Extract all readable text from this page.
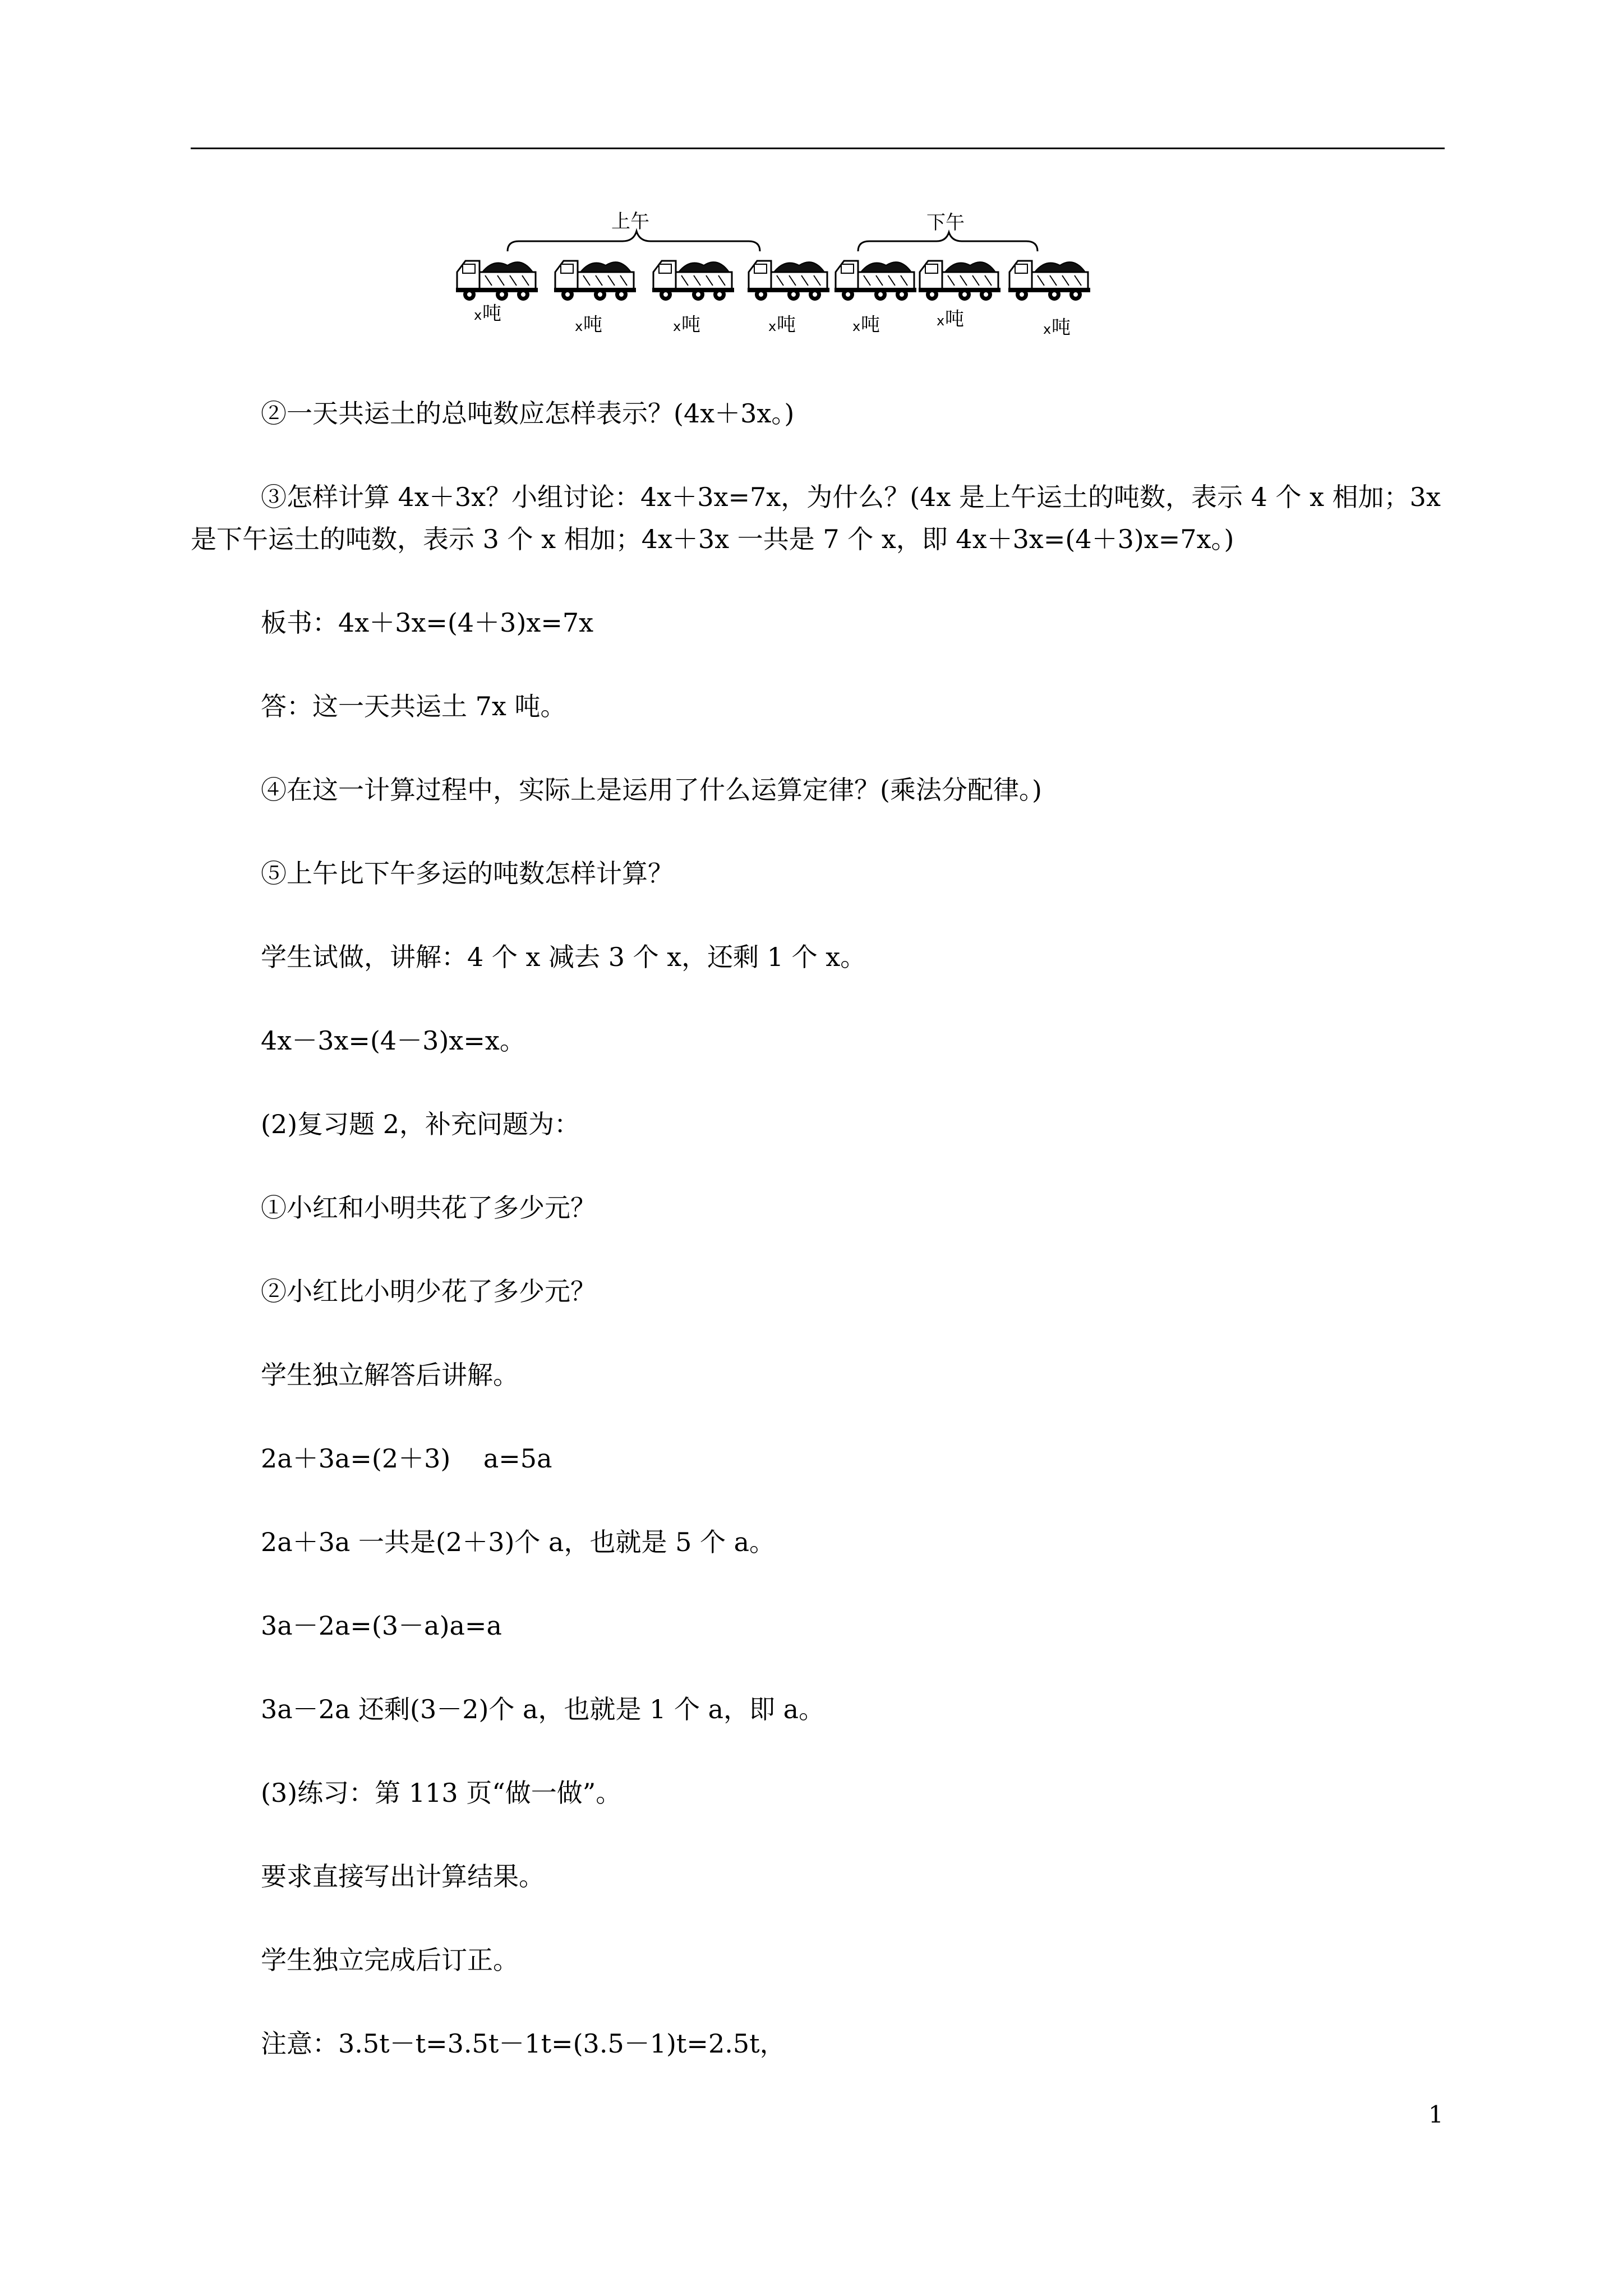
上午	下午
x 吨
x 吨	x 吨	x 吨	x 吨	x 吨	x 吨

②一天共运土的总吨数应怎样表示？(4x＋3x。)

③怎样计算 4x＋3x？小组讨论：4x＋3x=7x，为什么？(4x 是上午运土的吨数，表示 4 个 x 相加；3x 是下午运土的吨数，表示 3 个 x 相加；4x＋3x 一共是 7 个 x，即 4x＋3x=(4＋3)x=7x。)

板书：4x＋3x=(4＋3)x=7x

答：这一天共运土 7x 吨。

④在这一计算过程中，实际上是运用了什么运算定律？(乘法分配律。)

⑤上午比下午多运的吨数怎样计算？

学生试做，讲解：4 个 x 减去 3 个 x，还剩 1 个 x。

4x－3x=(4－3)x=x。

(2)复习题 2，补充问题为：

①小红和小明共花了多少元？

②小红比小明少花了多少元？

学生独立解答后讲解。

2a＋3a=(2＋3)    a=5a

2a＋3a 一共是(2＋3)个 a，也就是 5 个 a。

3a－2a=(3－a)a=a

3a－2a 还剩(3－2)个 a，也就是 1 个 a，即 a。

(3)练习：第 113 页“做一做”。

要求直接写出计算结果。

学生独立完成后订正。

注意：3.5t－t=3.5t－1t=(3.5－1)t=2.5t，

1
